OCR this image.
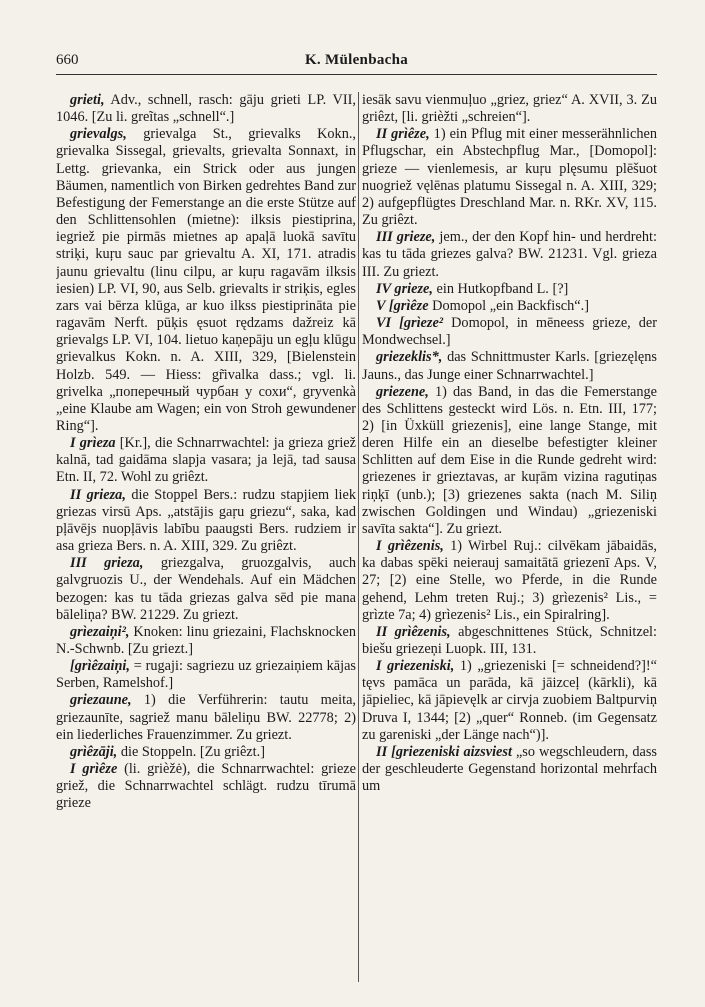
660	K. Mülenbacha

grieti, Adv., schnell, rasch: gāju grieti LP. VII, 1046. [Zu li. greĩtas „schnell“.]

grievalgs, grievalga St., grievalks Kokn., grievalka Sissegal, grievalts, grievalta Sonnaxt, in Lettg. grievanka, ein Strick oder aus jungen Bäumen, namentlich von Birken gedrehtes Band zur Befestigung der Femerstange an die erste Stütze auf den Schlittensohlen (mietne): ilksis piestiprina, iegriež pie pirmās mietnes ap apaļā luokā savītu striķi, kuŗu sauc par grievaltu A. XI, 171. atradis jaunu grievaltu (linu cilpu, ar kuŗu ragavām ilksis iesien) LP. VI, 90, aus Selb. grievalts ir striķis, egles zars vai bērza klūga, ar kuo ilkss piestiprināta pie ragavām Nerft. pūķis ęsuot rędzams dažreiz kā grievalgs LP. VI, 104. lietuo kaņepāju un egļu klūgu grievalkus Kokn. n. A. XIII, 329, [Bielenstein Holzb. 549. — Hiess: gr̃ivalka dass.; vgl. li. grivelka „поперечный чурбан у сохи“, gryvenkà „eine Klaube am Wagen; ein von Stroh gewundener Ring“].

I grìeza [Kr.], die Schnarrwachtel: ja grieza griež kalnā, tad gaidāma slapja vasara; ja lejā, tad sausa Etn. II, 72. Wohl zu griêzt.

II grieza, die Stoppel Bers.: rudzu stapjiem liek griezas virsū Aps. „atstājis gaŗu griezu“, saka, kad pļāvējs nuopļāvis labību paaugsti Bers. rudziem ir asa grieza Bers. n. A. XIII, 329. Zu griêzt.

III grieza, griezgalva, gruozgalvis, auch galvgruozis U., der Wendehals. Auf ein Mädchen bezogen: kas tu tāda griezas galva sēd pie mana bāleliņa? BW. 21229. Zu griezt.

grìezaiņi², Knoken: linu griezaini, Flachsknocken N.-Schwnb. [Zu griezt.]

[grìêzaiņi, = rugaji: sagriezu uz griezaiņiem kājas Serben, Ramelshof.]

griezaune, 1) die Verführerin: tautu meita, griezaunīte, sagriež manu bāleliņu BW. 22778; 2) ein liederliches Frauenzimmer. Zu griezt.

grìêzāji, die Stoppeln. [Zu griêzt.]

I grìêze (li. grièžė), die Schnarrwachtel: grieze griež, die Schnarrwachtel schlägt. rudzu tīrumā grieze

iesāk savu vienmuļuo „griez, griez“ A. XVII, 3. Zu griêzt, [li. grièžti „schreien“].

II grìêze, 1) ein Pflug mit einer messerähnlichen Pflugschar, ein Abstechpflug Mar., [Domopol]: grieze — vienlemesis, ar kuŗu plęsumu plēšuot nuogriež vęlēnas platumu Sissegal n. A. XIII, 329; 2) aufgepflügtes Dreschland Mar. n. RKr. XV, 115. Zu griêzt.

III grieze, jem., der den Kopf hin- und herdreht: kas tu tāda griezes galva? BW. 21231. Vgl. grieza III. Zu griezt.

IV grieze, ein Hutkopfband L. [?]

V [grìêze Domopol „ein Backfisch“.]

VI [grìeze² Domopol, in mēneess grieze, der Mondwechsel.]

griezeklis*, das Schnittmuster Karls. [griezęlęns Jauns., das Junge einer Schnarrwachtel.]

griezene, 1) das Band, in das die Femerstange des Schlittens gesteckt wird Lös. n. Etn. III, 177; 2) [in Üxküll griezenis], eine lange Stange, mit deren Hilfe ein an dieselbe befestigter kleiner Schlitten auf dem Eise in die Runde gedreht wird: griezenes ir grieztavas, ar kuŗām vizina ragutiņas riņķī (unb.); [3) griezenes sakta (nach M. Siliņ zwischen Goldingen und Windau) „griezeniski savīta sakta“]. Zu griezt.

I grìêzenis, 1) Wirbel Ruj.: cilvēkam jābaidās, ka dabas spēki neierauj samaitātā griezenī Aps. V, 27; [2) eine Stelle, wo Pferde, in die Runde gehend, Lehm treten Ruj.; 3) grìezenis² Lis., = grìzte 7a; 4) grìezenis² Lis., ein Spiralring].

II grìêzenis, abgeschnittenes Stück, Schnitzel: biešu griezeņi Luopk. III, 131.

I griezeniski, 1) „griezeniski [= schneidend?]!“ tęvs pamāca un parāda, kā jāizceļ (kārkli), kā jāpieliec, kā jāpievęlk ar cirvja zuobiem Baltpurviņ Druva I, 1344; [2) „quer“ Ronneb. (im Gegensatz zu gareniski „der Länge nach“)].

II [griezeniski aizsviest „so wegschleudern, dass der geschleuderte Gegenstand horizontal mehrfach um
